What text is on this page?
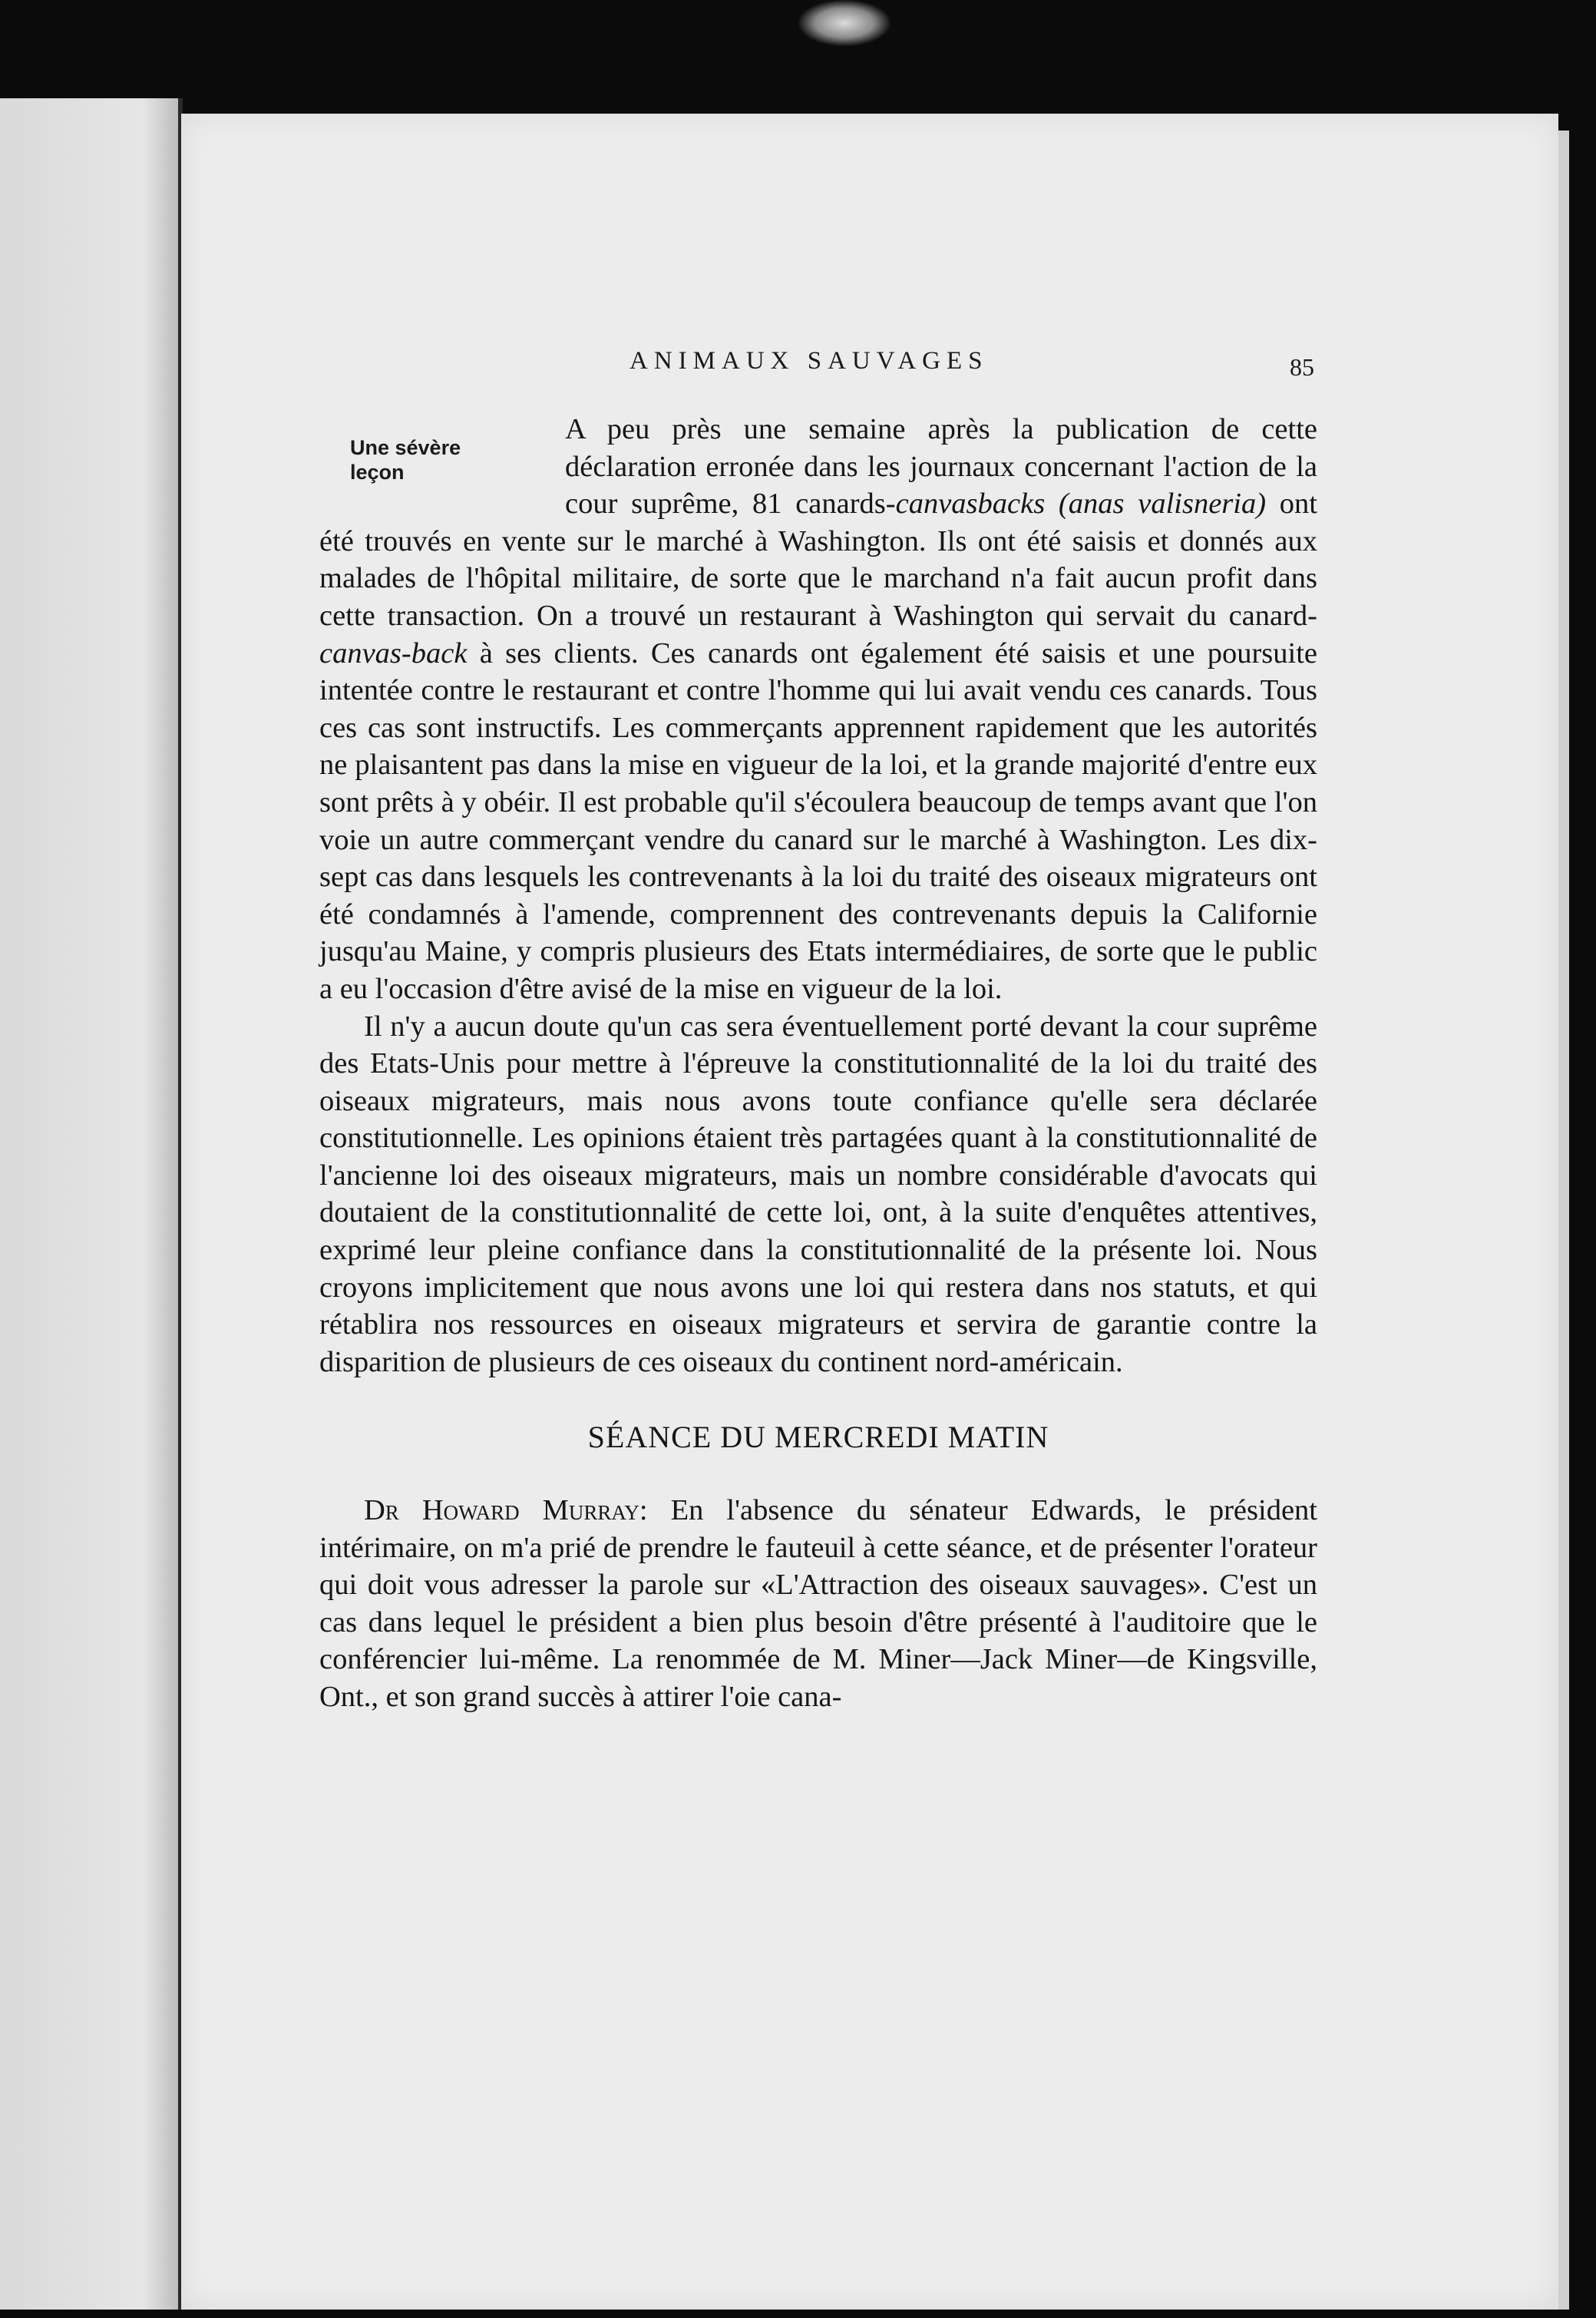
ANIMAUX SAUVAGES	85
Une sévère leçon

A peu près une semaine après la publication de cette déclaration erronée dans les journaux concernant l'action de la cour suprême, 81 canards-canvasbacks (anas valisneria) ont été trouvés en vente sur le marché à Washington. Ils ont été saisis et donnés aux malades de l'hôpital militaire, de sorte que le marchand n'a fait aucun profit dans cette transaction. On a trouvé un restaurant à Washington qui servait du canard- canvas-back à ses clients. Ces canards ont également été saisis et une poursuite intentée contre le restaurant et contre l'homme qui lui avait vendu ces canards. Tous ces cas sont instructifs. Les commerçants apprennent rapidement que les autorités ne plaisantent pas dans la mise en vigueur de la loi, et la grande majorité d'entre eux sont prêts à y obéir. Il est probable qu'il s'écoulera beaucoup de temps avant que l'on voie un autre commerçant vendre du canard sur le marché à Washington. Les dix-sept cas dans lesquels les contrevenants à la loi du traité des oiseaux migrateurs ont été condamnés à l'amende, comprennent des contrevenants depuis la Californie jusqu'au Maine, y compris plusieurs des Etats intermédiaires, de sorte que le public a eu l'occasion d'être avisé de la mise en vigueur de la loi.

Il n'y a aucun doute qu'un cas sera éventuellement porté devant la cour suprême des Etats-Unis pour mettre à l'épreuve la constitutionnalité de la loi du traité des oiseaux migrateurs, mais nous avons toute confiance qu'elle sera déclarée constitutionnelle. Les opinions étaient très partagées quant à la constitutionnalité de l'ancienne loi des oiseaux migrateurs, mais un nombre considérable d'avocats qui doutaient de la constitutionnalité de cette loi, ont, à la suite d'enquêtes attentives, exprimé leur pleine confiance dans la constitutionnalité de la présente loi. Nous croyons implicitement que nous avons une loi qui restera dans nos statuts, et qui rétablira nos ressources en oiseaux migrateurs et servira de garantie contre la disparition de plusieurs de ces oiseaux du continent nord-américain.

SÉANCE DU MERCREDI MATIN

Dr Howard Murray: En l'absence du sénateur Edwards, le président intérimaire, on m'a prié de prendre le fauteuil à cette séance, et de présenter l'orateur qui doit vous adresser la parole sur «L'Attraction des oiseaux sauvages». C'est un cas dans lequel le président a bien plus besoin d'être présenté à l'auditoire que le conférencier lui-même. La renommée de M. Miner—Jack Miner—de Kingsville, Ont., et son grand succès à attirer l'oie cana-
